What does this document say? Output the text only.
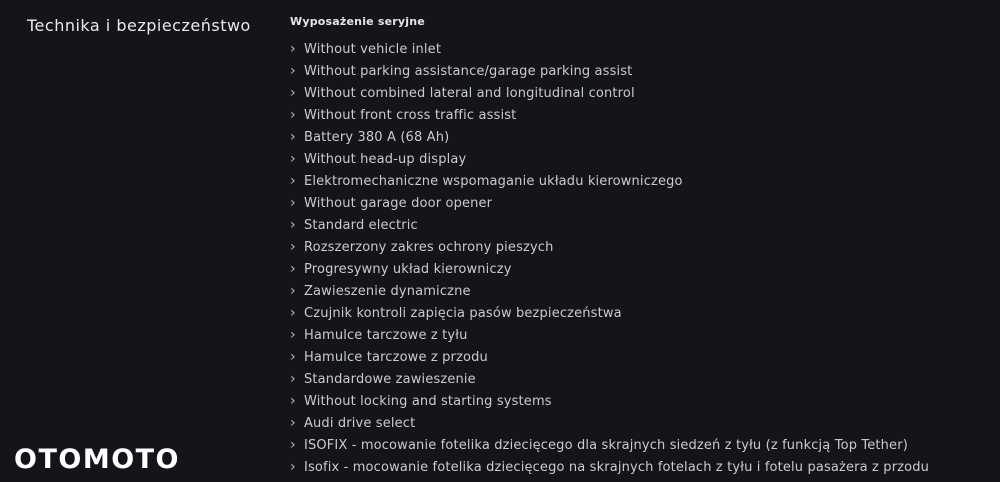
Technika i bezpieczeństwo	Wyposażenie seryjne
› Without vehicle inlet
› Without parking assistance/garage parking assist
› Without combined lateral and longitudinal control
› Without front cross traffic assist
› Battery 380 A (68 Ah)
› Without head-up display
› Elektromechaniczne wspomaganie układu kierowniczego
› Without garage door opener
› Standard electric
› Rozszerzony zakres ochrony pieszych
› Progresywny układ kierowniczy
› Zawieszenie dynamiczne
› Czujnik kontroli zapięcia pasów bezpieczeństwa
› Hamulce tarczowe z tyłu
› Hamulce tarczowe z przodu
› Standardowe zawieszenie
› Without locking and starting systems
› Audi drive select
› ISOFIX - mocowanie fotelika dziecięcego dla skrajnych siedzeń z tyłu (z funkcją Top Tether)
› Isofix - mocowanie fotelika dziecięcego na skrajnych fotelach z tyłu i fotelu pasażera z przodu
OTOMOTO
